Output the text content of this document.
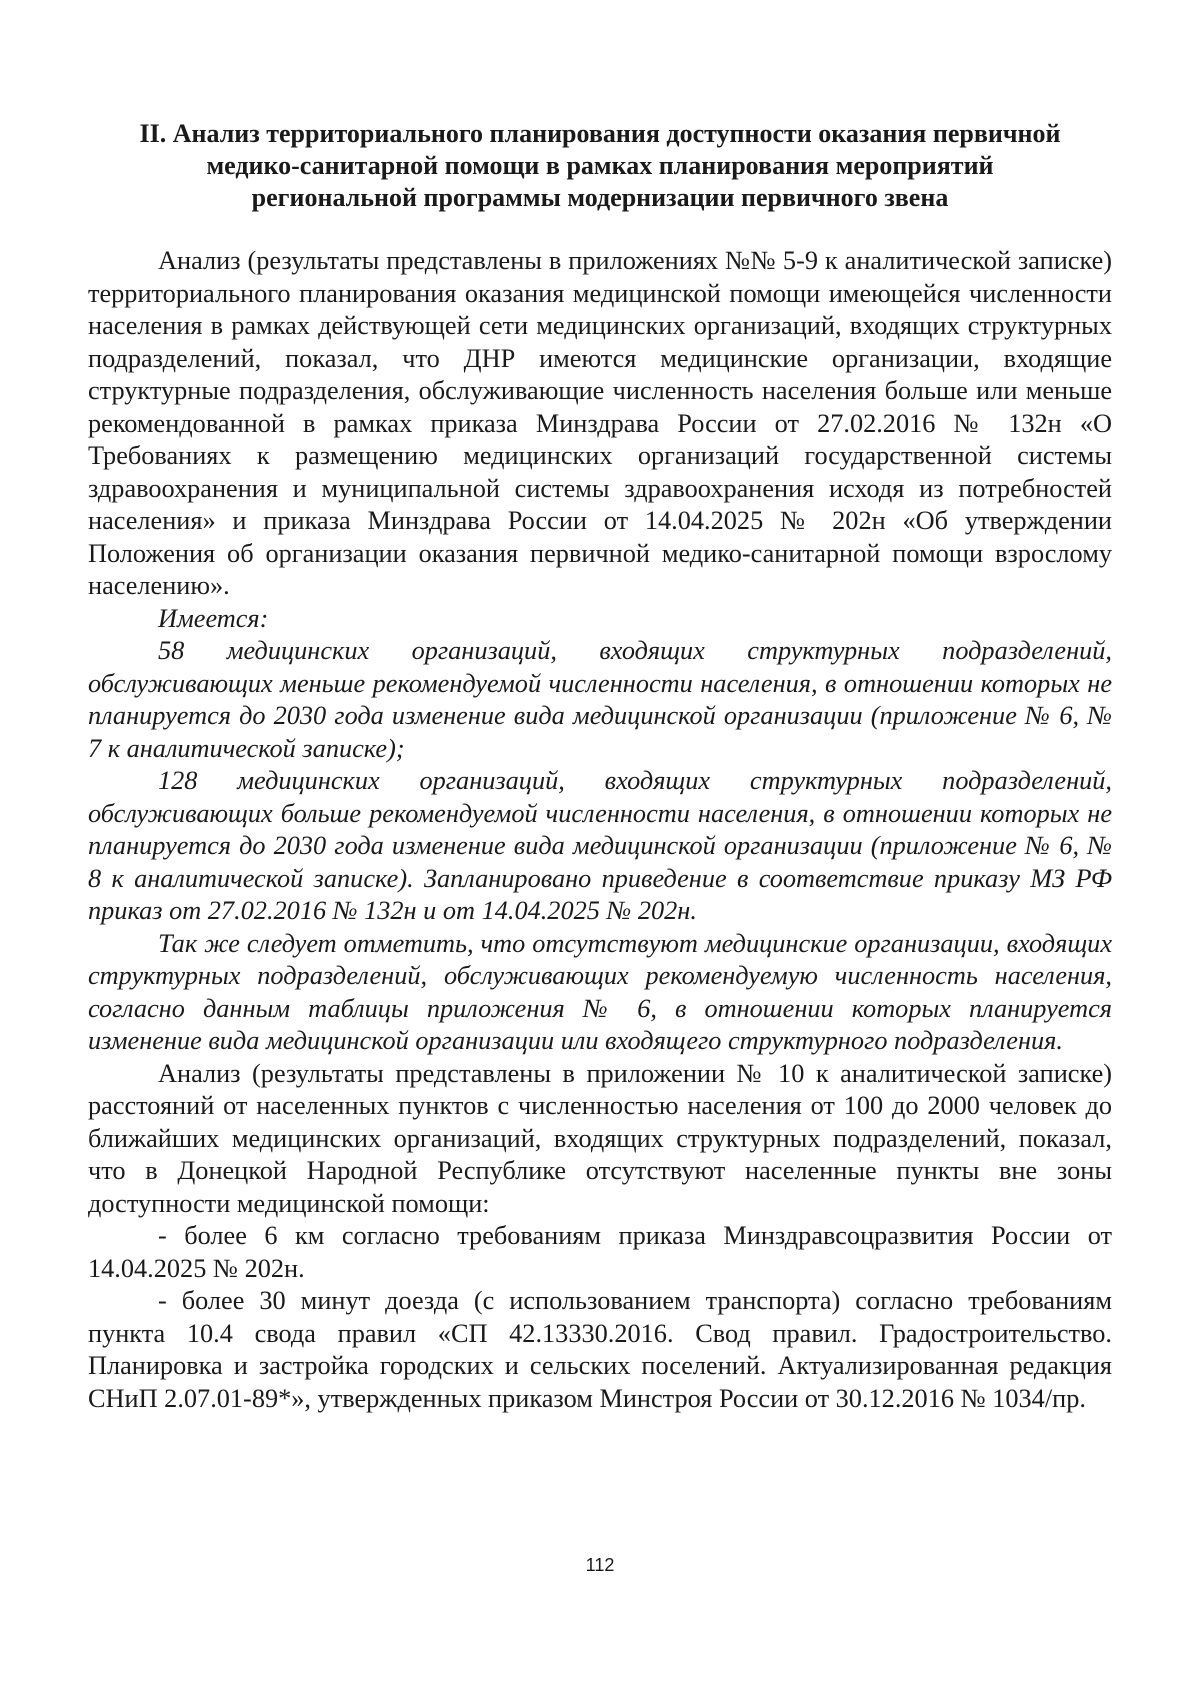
II. Анализ территориального планирования доступности оказания первичной
медико-санитарной помощи в рамках планирования мероприятий
региональной программы модернизации первичного звена

Анализ (результаты представлены в приложениях №№ 5-9 к аналитической записке) территориального планирования оказания медицинской помощи имеющейся численности населения в рамках действующей сети медицинских организаций, входящих структурных подразделений, показал, что ДНР имеются медицинские организации, входящие структурные подразделения, обслуживающие численность населения больше или меньше рекомендованной в рамках приказа Минздрава России от 27.02.2016 № 132н «О Требованиях к размещению медицинских организаций государственной системы здравоохранения и муниципальной системы здравоохранения исходя из потребностей населения» и приказа Минздрава России от 14.04.2025 № 202н «Об утверждении Положения об организации оказания первичной медико-санитарной помощи взрослому населению».

Имеется:

58 медицинских организаций, входящих структурных подразделений, обслуживающих меньше рекомендуемой численности населения, в отношении которых не планируется до 2030 года изменение вида медицинской организации (приложение № 6, № 7 к аналитической записке);

128 медицинских организаций, входящих структурных подразделений, обслуживающих больше рекомендуемой численности населения, в отношении которых не планируется до 2030 года изменение вида медицинской организации (приложение № 6, № 8 к аналитической записке). Запланировано приведение в соответствие приказу МЗ РФ приказ от 27.02.2016 № 132н и от 14.04.2025 № 202н.

Так же следует отметить, что отсутствуют медицинские организации, входящих структурных подразделений, обслуживающих рекомендуемую численность населения, согласно данным таблицы приложения № 6, в отношении которых планируется изменение вида медицинской организации или входящего структурного подразделения.

Анализ (результаты представлены в приложении № 10 к аналитической записке) расстояний от населенных пунктов с численностью населения от 100 до 2000 человек до ближайших медицинских организаций, входящих структурных подразделений, показал, что в Донецкой Народной Республике отсутствуют населенные пункты вне зоны доступности медицинской помощи:

- более 6 км согласно требованиям приказа Минздравсоцразвития России от 14.04.2025 № 202н.

- более 30 минут доезда (с использованием транспорта) согласно требованиям пункта 10.4 свода правил «СП 42.13330.2016. Свод правил. Градостроительство. Планировка и застройка городских и сельских поселений. Актуализированная редакция СНиП 2.07.01-89*», утвержденных приказом Минстроя России от 30.12.2016 № 1034/пр.

112
